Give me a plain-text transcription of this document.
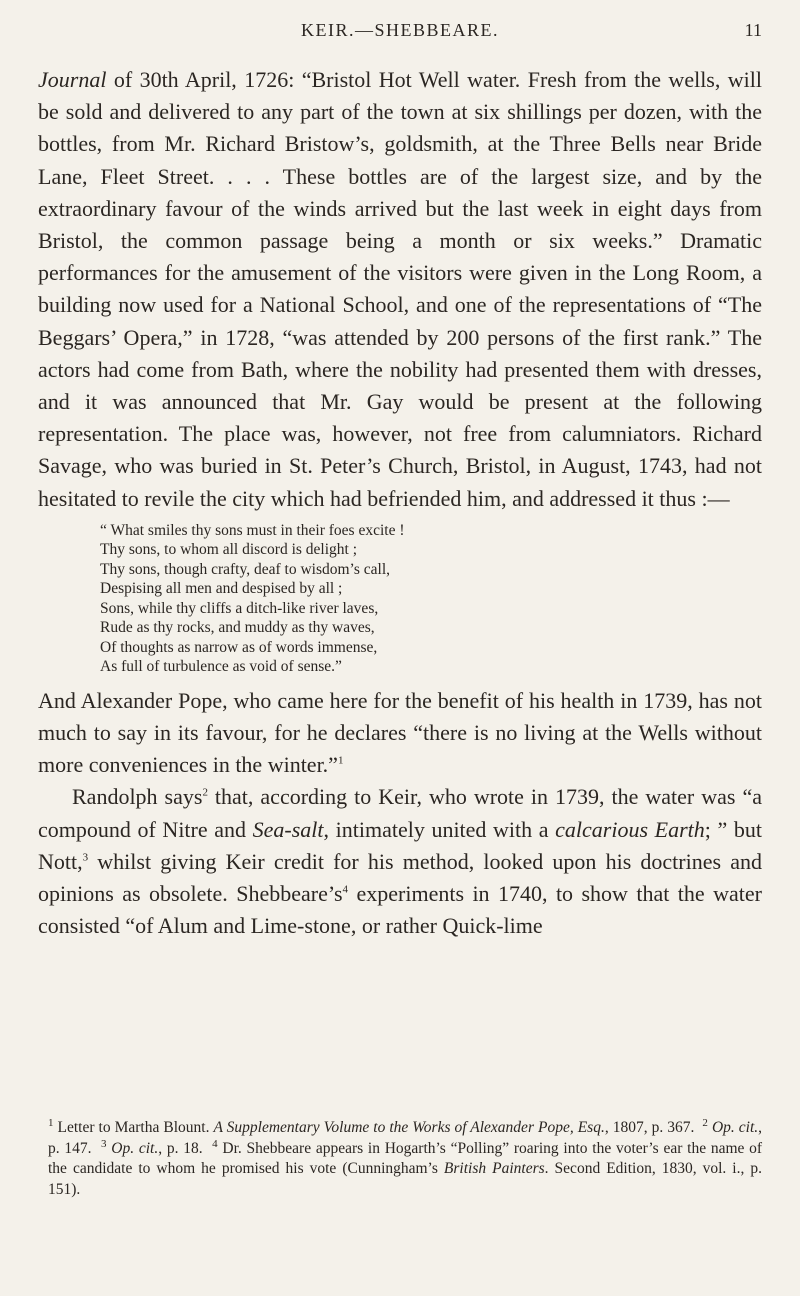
KEIR.—SHEBBEARE.	11

Journal of 30th April, 1726: “Bristol Hot Well water. Fresh from the wells, will be sold and delivered to any part of the town at six shillings per dozen, with the bottles, from Mr. Richard Bristow’s, goldsmith, at the Three Bells near Bride Lane, Fleet Street. . . . These bottles are of the largest size, and by the extraordinary favour of the winds arrived but the last week in eight days from Bristol, the common passage being a month or six weeks.” Dramatic performances for the amusement of the visitors were given in the Long Room, a building now used for a National School, and one of the representations of “The Beggars’ Opera,” in 1728, “was attended by 200 persons of the first rank.” The actors had come from Bath, where the nobility had presented them with dresses, and it was announced that Mr. Gay would be present at the following representation. The place was, however, not free from calumniators. Richard Savage, who was buried in St. Peter’s Church, Bristol, in August, 1743, had not hesitated to revile the city which had befriended him, and addressed it thus :—

“ What smiles thy sons must in their foes excite !
Thy sons, to whom all discord is delight ;
Thy sons, though crafty, deaf to wisdom’s call,
Despising all men and despised by all ;
Sons, while thy cliffs a ditch-like river laves,
Rude as thy rocks, and muddy as thy waves,
Of thoughts as narrow as of words immense,
As full of turbulence as void of sense.”

And Alexander Pope, who came here for the benefit of his health in 1739, has not much to say in its favour, for he declares “there is no living at the Wells without more conveniences in the winter.”$^1$

Randolph says$^2$ that, according to Keir, who wrote in 1739, the water was “a compound of Nitre and Sea-salt, intimately united with a calcarious Earth; ” but Nott,$^3$ whilst giving Keir credit for his method, looked upon his doctrines and opinions as obsolete. Shebbeare’s$^4$ experiments in 1740, to show that the water consisted “of Alum and Lime-stone, or rather Quick-lime

$^1$ Letter to Martha Blount. A Supplementary Volume to the Works of Alexander Pope, Esq., 1807, p. 367. $^2$ Op. cit., p. 147. $^3$ Op. cit., p. 18. $^4$ Dr. Shebbeare appears in Hogarth’s “Polling” roaring into the voter’s ear the name of the candidate to whom he promised his vote (Cunningham’s British Painters. Second Edition, 1830, vol. i., p. 151).
